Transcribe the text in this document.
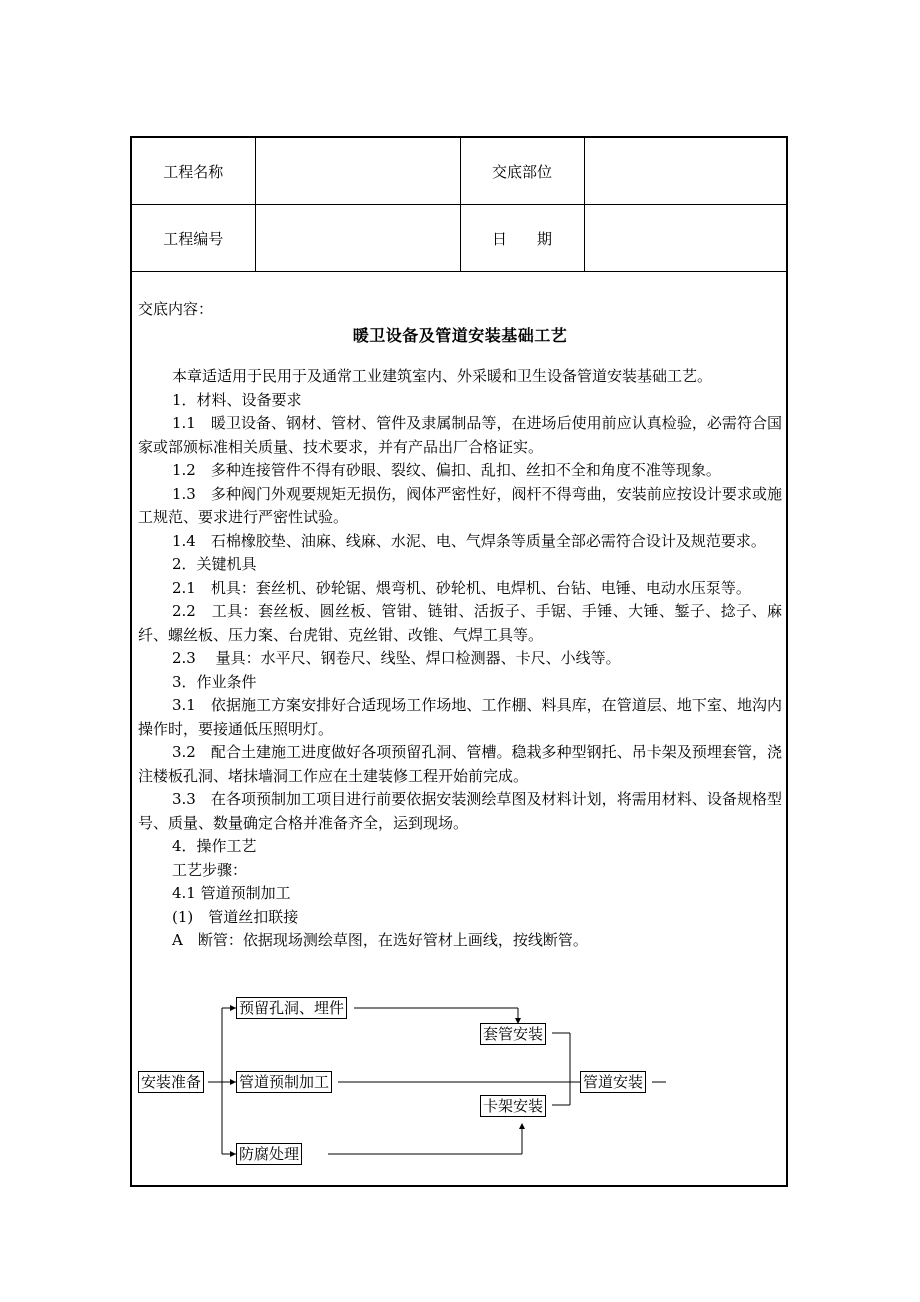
工程名称		交底部位	
工程编号		日　　期	

交底内容：

暖卫设备及管道安装基础工艺

本章适适用于民用于及通常工业建筑室内、外采暖和卫生设备管道安装基础工艺。

1．材料、设备要求

1.1　暖卫设备、钢材、管材、管件及隶属制品等，在进场后使用前应认真检验，必需符合国家或部颁标准相关质量、技术要求，并有产品出厂合格证实。

1.2　多种连接管件不得有砂眼、裂纹、偏扣、乱扣、丝扣不全和角度不准等现象。

1.3　多种阀门外观要规矩无损伤，阀体严密性好，阀杆不得弯曲，安装前应按设计要求或施工规范、要求进行严密性试验。

1.4　石棉橡胶垫、油麻、线麻、水泥、电、气焊条等质量全部必需符合设计及规范要求。

2．关键机具

2.1　机具：套丝机、砂轮锯、煨弯机、砂轮机、电焊机、台钻、电锤、电动水压泵等。

2.2　工具：套丝板、圆丝板、管钳、链钳、活扳子、手锯、手锤、大锤、錾子、捻子、麻纤、螺丝板、压力案、台虎钳、克丝钳、改锥、气焊工具等。

2.3　 量具：水平尺、钢卷尺、线坠、焊口检测器、卡尺、小线等。

3．作业条件

3.1　依据施工方案安排好合适现场工作场地、工作棚、料具库，在管道层、地下室、地沟内操作时，要接通低压照明灯。

3.2　配合土建施工进度做好各项预留孔洞、管槽。稳栽多种型钢托、吊卡架及预埋套管，浇注楼板孔洞、堵抹墙洞工作应在土建装修工程开始前完成。

3.3　在各项预制加工项目进行前要依据安装测绘草图及材料计划，将需用材料、设备规格型号、质量、数量确定合格并准备齐全，运到现场。

4．操作工艺

工艺步骤：

4.1 管道预制加工

(1)　管道丝扣联接

A　断管：依据现场测绘草图，在选好管材上画线，按线断管。

安装准备
预留孔洞、埋件
管道预制加工
防腐处理
套管安装
卡架安装
管道安装
